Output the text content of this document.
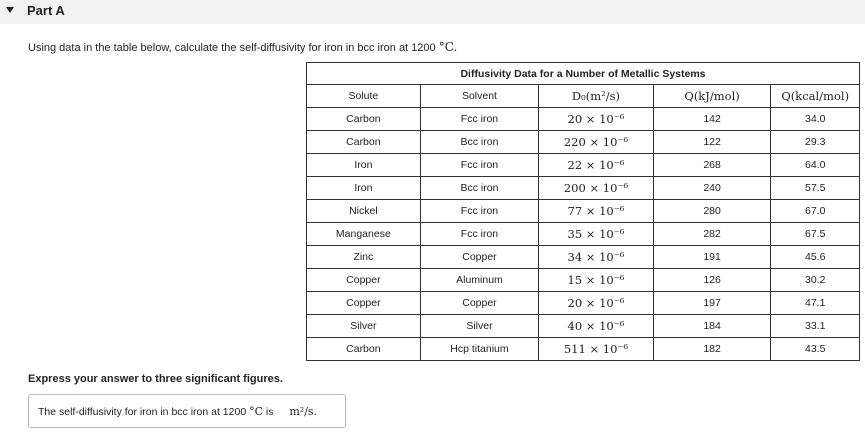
Part A
Using data in the table below, calculate the self-diffusivity for iron in bcc iron at 1200 °C.
Diffusivity Data for a Number of Metallic Systems				
Solute	Solvent	D₀(m²/s)	Q(kJ/mol)	Q(kcal/mol)
Carbon	Fcc iron	20 × 10⁻⁶	142	34.0
Carbon	Bcc iron	220 × 10⁻⁶	122	29.3
Iron	Fcc iron	22 × 10⁻⁶	268	64.0
Iron	Bcc iron	200 × 10⁻⁶	240	57.5
Nickel	Fcc iron	77 × 10⁻⁶	280	67.0
Manganese	Fcc iron	35 × 10⁻⁶	282	67.5
Zinc	Copper	34 × 10⁻⁶	191	45.6
Copper	Aluminum	15 × 10⁻⁶	126	30.2
Copper	Copper	20 × 10⁻⁶	197	47.1
Silver	Silver	40 × 10⁻⁶	184	33.1
Carbon	Hcp titanium	511 × 10⁻⁶	182	43.5
Express your answer to three significant figures.
The self-diffusivity for iron in bcc iron at 1200 °C is m²/s.
